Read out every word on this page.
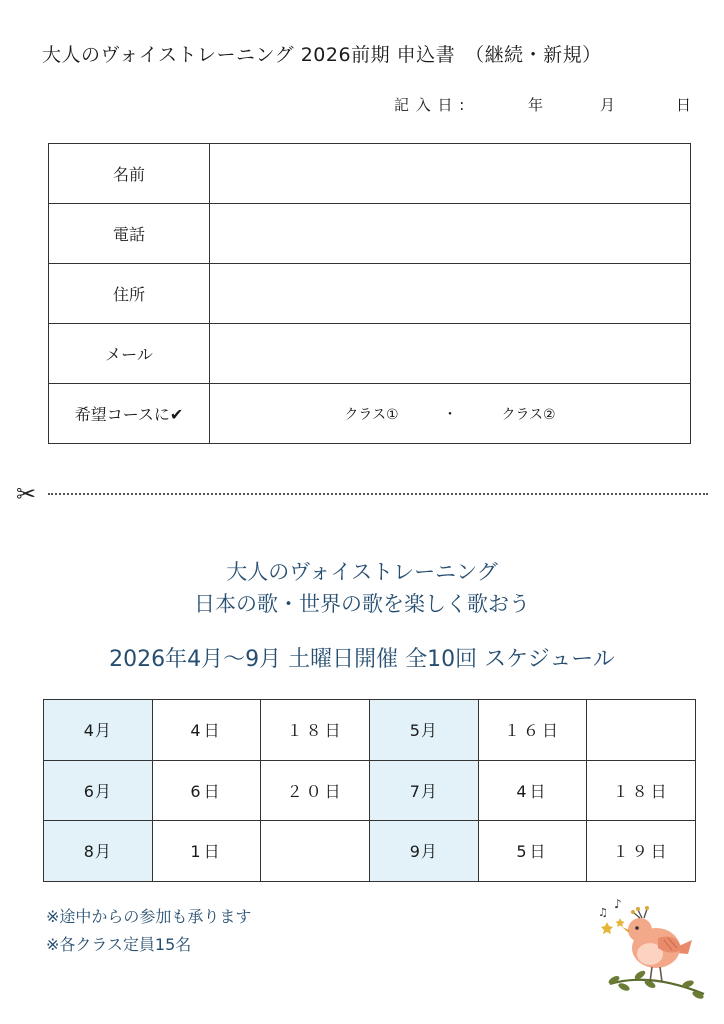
大人のヴォイストレーニング 2026前期 申込書　（継続・新規）
記 入 日 :	年	月	日
名前	
電話	
住所	
メール	
希望コースに✔	クラス① ・ クラス②
✂
大人のヴォイストレーニング
日本の歌・世界の歌を楽しく歌おう
2026年4月～9月 土曜日開催 全10回 スケジュール
4月	4日	１８日	5月	１６日	
6月	6日	２０日	7月	4日	１８日
8月	1日		9月	5日	１９日
※途中からの参加も承ります
※各クラス定員15名
♫
♪
